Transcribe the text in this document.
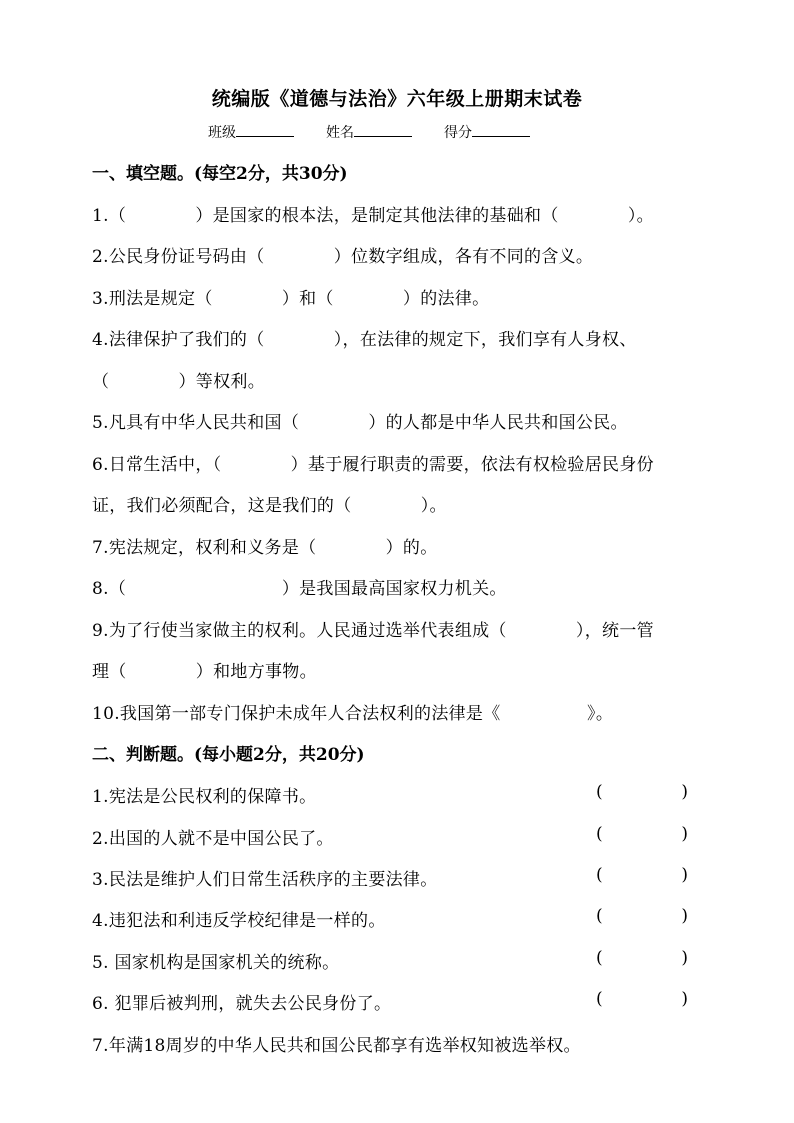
统编版《道德与法治》六年级上册期末试卷
班级	姓名	得分
一、填空题。(每空2分，共30分)
1.（　　　　）是国家的根本法，是制定其他法律的基础和（　　　　）。
2.公民身份证号码由（　　　　）位数字组成，各有不同的含义。
3.刑法是规定（　　　　）和（　　　　）的法律。
4.法律保护了我们的（　　　　），在法律的规定下，我们享有人身权、
（　　　　）等权利。
5.凡具有中华人民共和国（　　　　）的人都是中华人民共和国公民。
6.日常生活中，（　　　　）基于履行职责的需要，依法有权检验居民身份
证，我们必须配合，这是我们的（　　　　）。
7.宪法规定，权利和义务是（　　　　）的。
8.（　　　　　　　　　）是我国最高国家权力机关。
9.为了行使当家做主的权利。人民通过选举代表组成（　　　　），统一管
理（　　　　）和地方事物。
10.我国第一部专门保护未成年人合法权利的法律是《　　　　　》。
二、判断题。(每小题2分，共20分)
1.宪法是公民权利的保障书。	(	)
2.出国的人就不是中国公民了。	(	)
3.民法是维护人们日常生活秩序的主要法律。	(	)
4.违犯法和利违反学校纪律是一样的。	(	)
5. 国家机构是国家机关的统称。	(	)
6. 犯罪后被判刑，就失去公民身份了。	(	)
7.年满18周岁的中华人民共和国公民都享有选举权知被选举权。
